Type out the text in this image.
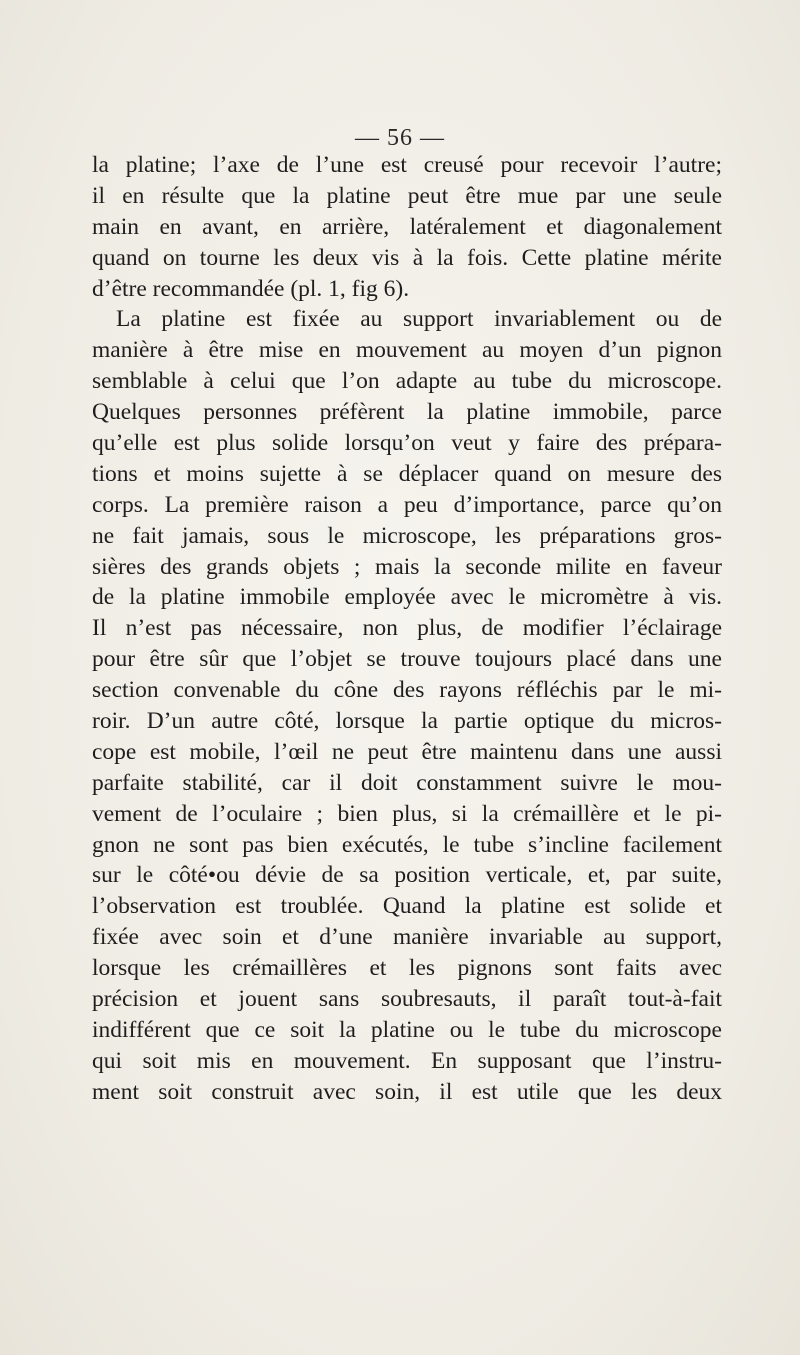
— 56 —
la platine; l’axe de l’une est creusé pour recevoir l’autre;
il en résulte que la platine peut être mue par une seule
main en avant, en arrière, latéralement et diagonalement
quand on tourne les deux vis à la fois. Cette platine mérite
d’être recommandée (pl. 1, fig 6).
La platine est fixée au support invariablement ou de
manière à être mise en mouvement au moyen d’un pignon
semblable à celui que l’on adapte au tube du microscope.
Quelques personnes préfèrent la platine immobile, parce
qu’elle est plus solide lorsqu’on veut y faire des prépara-
tions et moins sujette à se déplacer quand on mesure des
corps. La première raison a peu d’importance, parce qu’on
ne fait jamais, sous le microscope, les préparations gros-
sières des grands objets ; mais la seconde milite en faveur
de la platine immobile employée avec le micromètre à vis.
Il n’est pas nécessaire, non plus, de modifier l’éclairage
pour être sûr que l’objet se trouve toujours placé dans une
section convenable du cône des rayons réfléchis par le mi-
roir. D’un autre côté, lorsque la partie optique du micros-
cope est mobile, l’œil ne peut être maintenu dans une aussi
parfaite stabilité, car il doit constamment suivre le mou-
vement de l’oculaire ; bien plus, si la crémaillère et le pi-
gnon ne sont pas bien exécutés, le tube s’incline facilement
sur le côté•ou dévie de sa position verticale, et, par suite,
l’observation est troublée. Quand la platine est solide et
fixée avec soin et d’une manière invariable au support,
lorsque les crémaillères et les pignons sont faits avec
précision et jouent sans soubresauts, il paraît tout-à-fait
indifférent que ce soit la platine ou le tube du microscope
qui soit mis en mouvement. En supposant que l’instru-
ment soit construit avec soin, il est utile que les deux
